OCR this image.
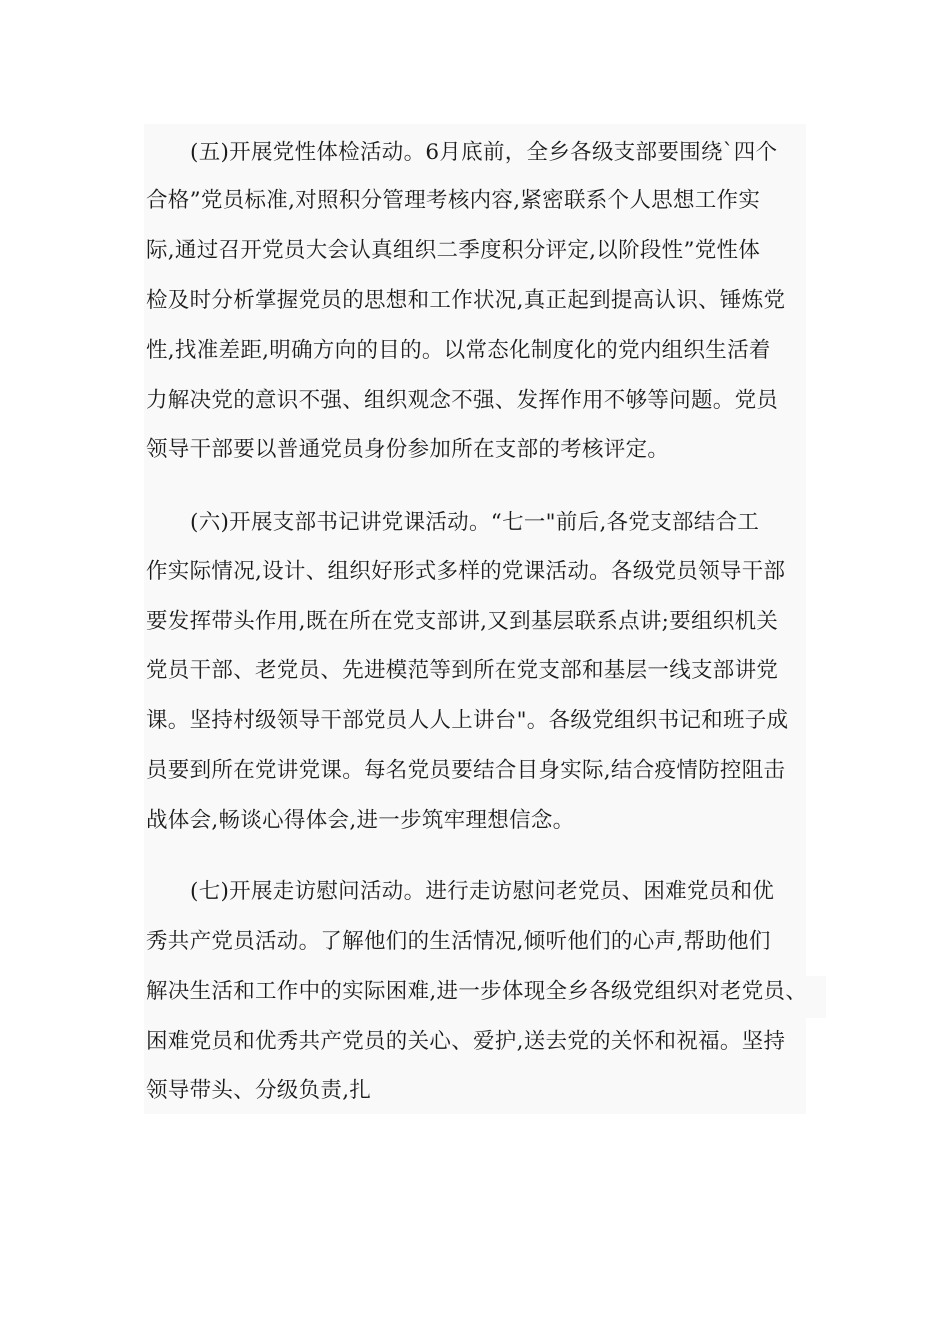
(五)开展党性体检活动。6月底前，全乡各级支部要围绕`四个
合格”党员标准,对照积分管理考核内容,紧密联系个人思想工作实
际,通过召开党员大会认真组织二季度积分评定,以阶段性”党性体
检及时分析掌握党员的思想和工作状况,真正起到提高认识、锤炼党
性,找准差距,明确方向的目的。以常态化制度化的党内组织生活着
力解决党的意识不强、组织观念不强、发挥作用不够等问题。党员
领导干部要以普通党员身份参加所在支部的考核评定。
(六)开展支部书记讲党课活动。“七一"前后,各党支部结合工
作实际情况,设计、组织好形式多样的党课活动。各级党员领导干部
要发挥带头作用,既在所在党支部讲,又到基层联系点讲;要组织机关
党员干部、老党员、先进模范等到所在党支部和基层一线支部讲党
课。坚持村级领导干部党员人人上讲台"。各级党组织书记和班子成
员要到所在党讲党课。每名党员要结合目身实际,结合疫情防控阻击
战体会,畅谈心得体会,进一步筑牢理想信念。
(七)开展走访慰问活动。进行走访慰问老党员、困难党员和优
秀共产党员活动。了解他们的生活情况,倾听他们的心声,帮助他们
解决生活和工作中的实际困难,进一步体现全乡各级党组织对老党员、
困难党员和优秀共产党员的关心、爱护,送去党的关怀和祝福。坚持
领导带头、分级负责,扎
